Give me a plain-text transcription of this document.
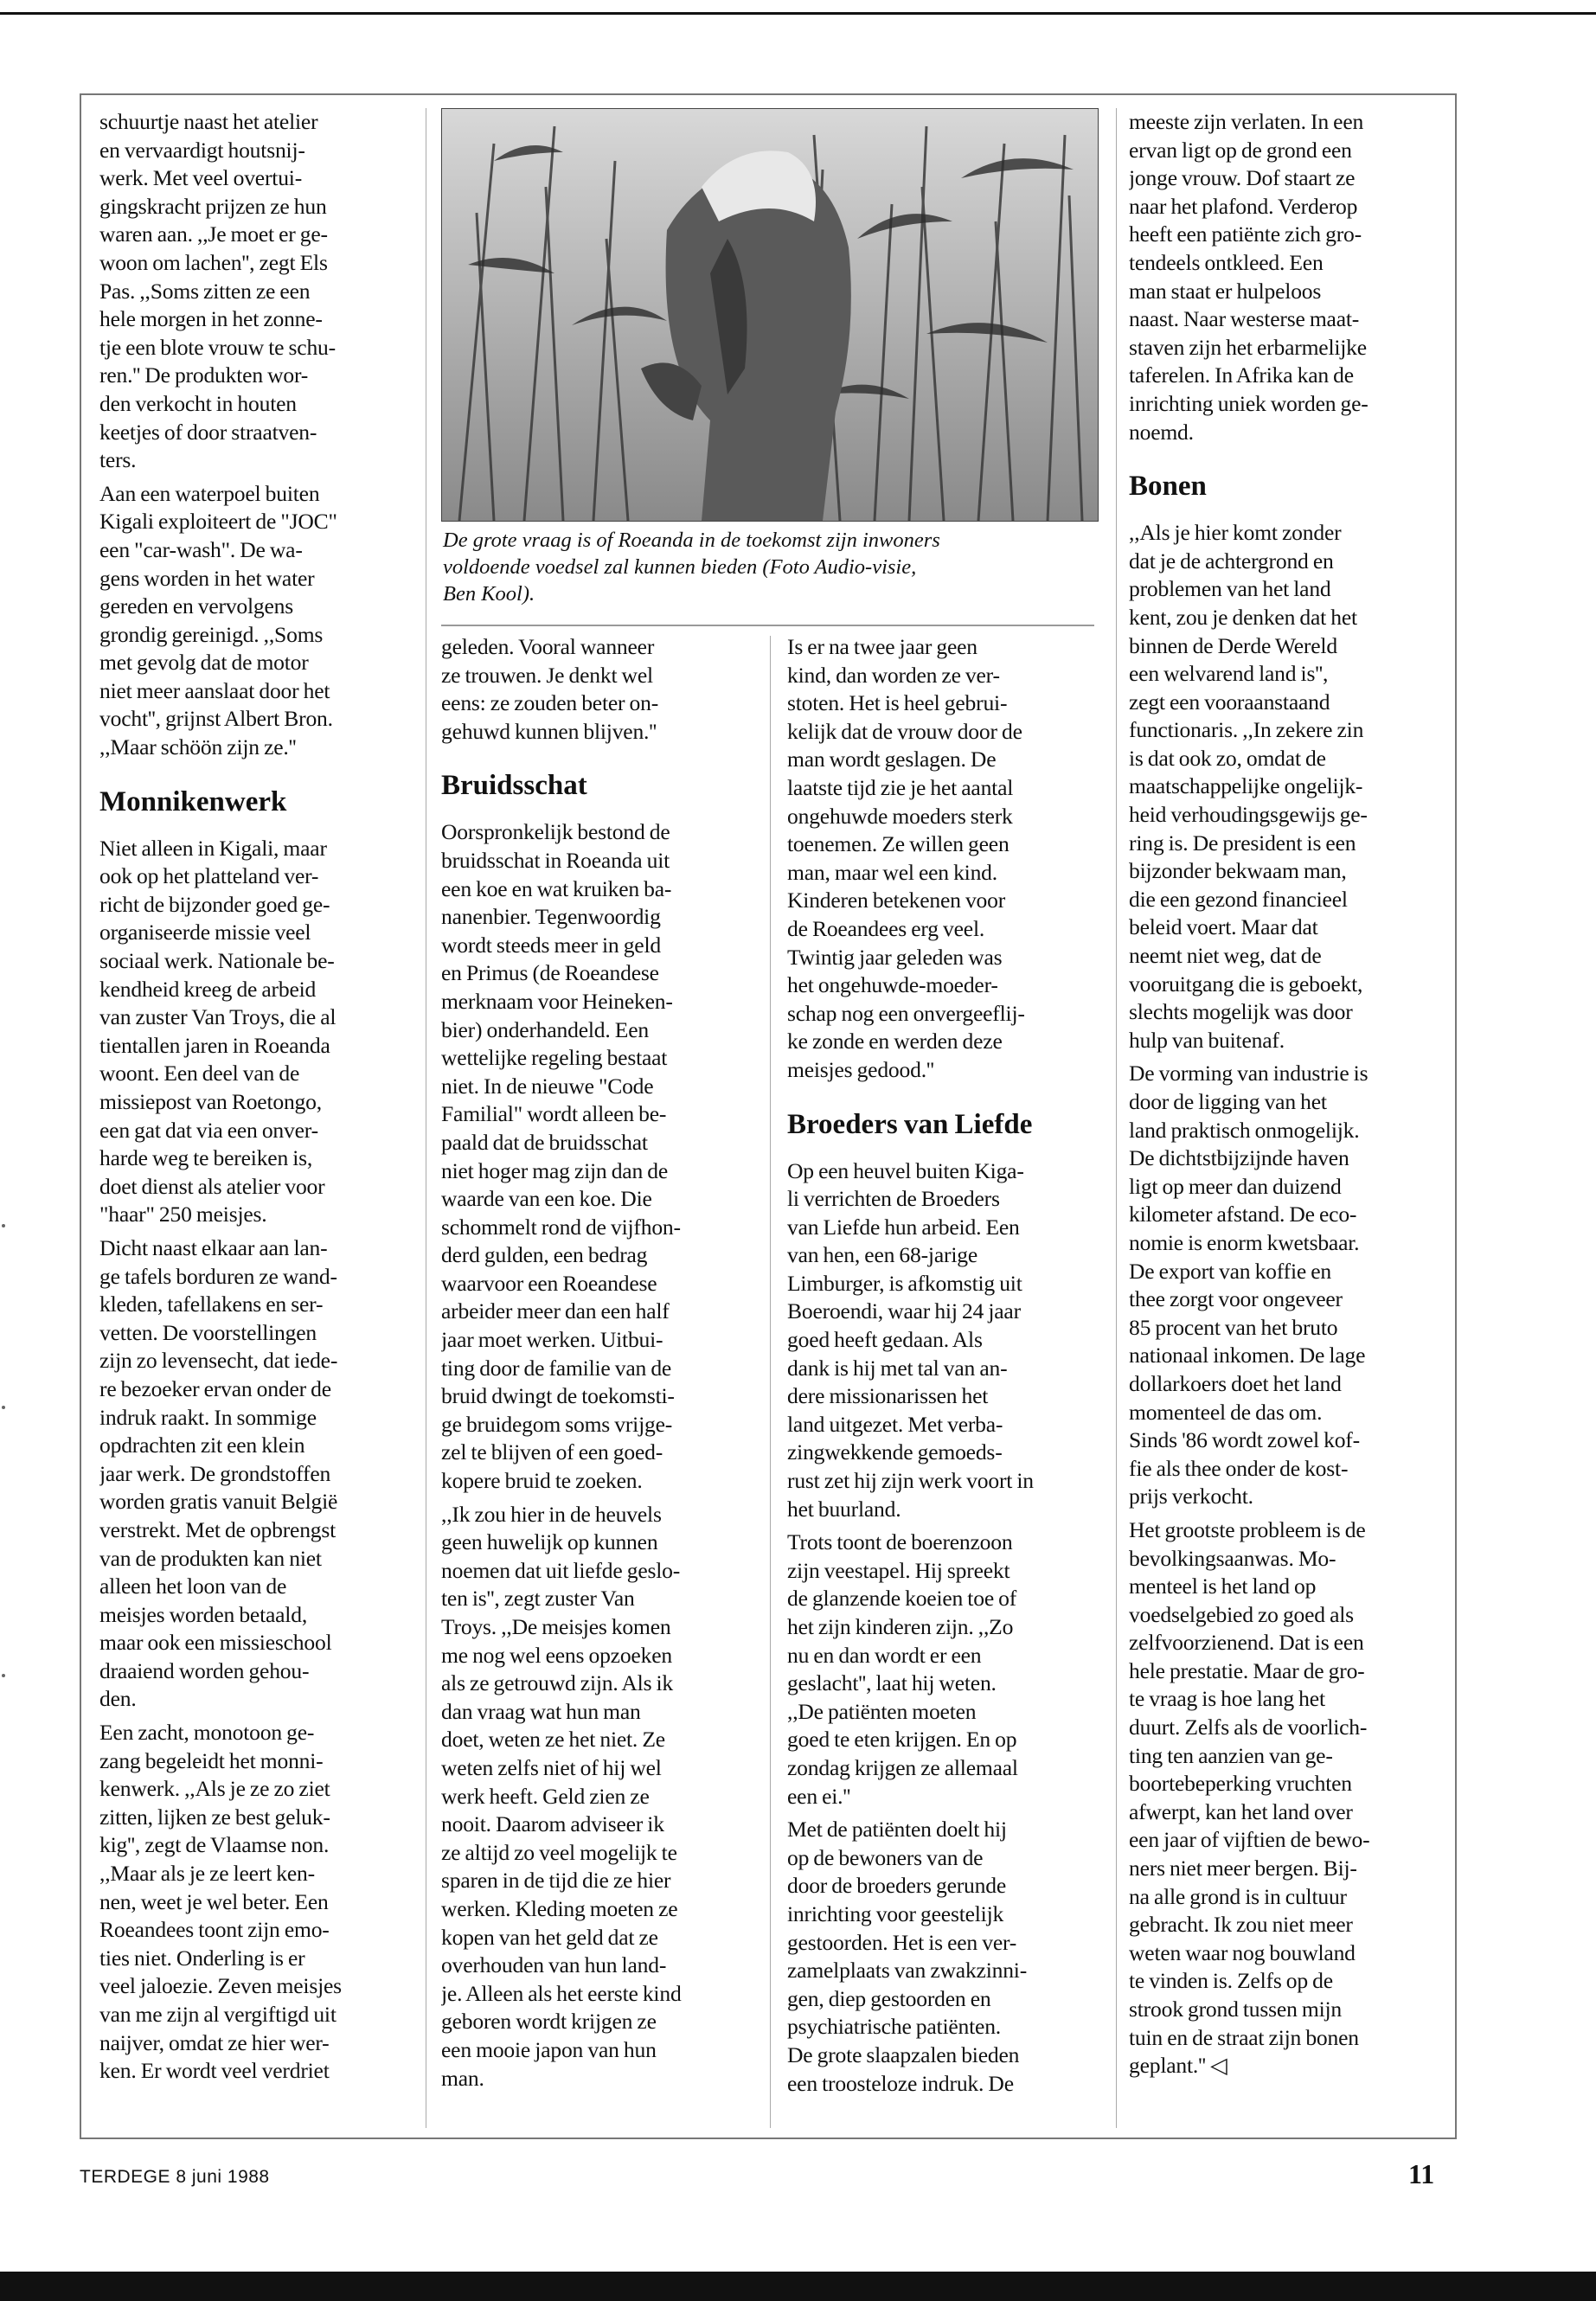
schuurtje naast het atelier
en vervaardigt houtsnij-
werk. Met veel overtui-
gingskracht prijzen ze hun
waren aan. ,,Je moet er ge-
woon om lachen'', zegt Els
Pas. ,,Soms zitten ze een
hele morgen in het zonne-
tje een blote vrouw te schu-
ren.'' De produkten wor-
den verkocht in houten
keetjes of door straatven-
ters.

Aan een waterpoel buiten
Kigali exploiteert de "JOC"
een "car-wash". De wa-
gens worden in het water
gereden en vervolgens
grondig gereinigd. ,,Soms
met gevolg dat de motor
niet meer aanslaat door het
vocht'', grijnst Albert Bron.
,,Maar schöön zijn ze.''

Monnikenwerk

Niet alleen in Kigali, maar
ook op het platteland ver-
richt de bijzonder goed ge-
organiseerde missie veel
sociaal werk. Nationale be-
kendheid kreeg de arbeid
van zuster Van Troys, die al
tientallen jaren in Roeanda
woont. Een deel van de
missiepost van Roetongo,
een gat dat via een onver-
harde weg te bereiken is,
doet dienst als atelier voor
"haar" 250 meisjes.

Dicht naast elkaar aan lan-
ge tafels borduren ze wand-
kleden, tafellakens en ser-
vetten. De voorstellingen
zijn zo levensecht, dat iede-
re bezoeker ervan onder de
indruk raakt. In sommige
opdrachten zit een klein
jaar werk. De grondstoffen
worden gratis vanuit België
verstrekt. Met de opbrengst
van de produkten kan niet
alleen het loon van de
meisjes worden betaald,
maar ook een missieschool
draaiend worden gehou-
den.

Een zacht, monotoon ge-
zang begeleidt het monni-
kenwerk. ,,Als je ze zo ziet
zitten, lijken ze best geluk-
kig'', zegt de Vlaamse non.
,,Maar als je ze leert ken-
nen, weet je wel beter. Een
Roeandees toont zijn emo-
ties niet. Onderling is er
veel jaloezie. Zeven meisjes
van me zijn al vergiftigd uit
naijver, omdat ze hier wer-
ken. Er wordt veel verdriet

De grote vraag is of Roeanda in de toekomst zijn inwoners
voldoende voedsel zal kunnen bieden (Foto Audio-visie,
Ben Kool).

geleden. Vooral wanneer
ze trouwen. Je denkt wel
eens: ze zouden beter on-
gehuwd kunnen blijven.''

Bruidsschat

Oorspronkelijk bestond de
bruidsschat in Roeanda uit
een koe en wat kruiken ba-
nanenbier. Tegenwoordig
wordt steeds meer in geld
en Primus (de Roeandese
merknaam voor Heineken-
bier) onderhandeld. Een
wettelijke regeling bestaat
niet. In de nieuwe "Code
Familial" wordt alleen be-
paald dat de bruidsschat
niet hoger mag zijn dan de
waarde van een koe. Die
schommelt rond de vijfhon-
derd gulden, een bedrag
waarvoor een Roeandese
arbeider meer dan een half
jaar moet werken. Uitbui-
ting door de familie van de
bruid dwingt de toekomsti-
ge bruidegom soms vrijge-
zel te blijven of een goed-
kopere bruid te zoeken.

,,Ik zou hier in de heuvels
geen huwelijk op kunnen
noemen dat uit liefde geslo-
ten is'', zegt zuster Van
Troys. ,,De meisjes komen
me nog wel eens opzoeken
als ze getrouwd zijn. Als ik
dan vraag wat hun man
doet, weten ze het niet. Ze
weten zelfs niet of hij wel
werk heeft. Geld zien ze
nooit. Daarom adviseer ik
ze altijd zo veel mogelijk te
sparen in de tijd die ze hier
werken. Kleding moeten ze
kopen van het geld dat ze
overhouden van hun land-
je. Alleen als het eerste kind
geboren wordt krijgen ze
een mooie japon van hun
man.

Is er na twee jaar geen
kind, dan worden ze ver-
stoten. Het is heel gebrui-
kelijk dat de vrouw door de
man wordt geslagen. De
laatste tijd zie je het aantal
ongehuwde moeders sterk
toenemen. Ze willen geen
man, maar wel een kind.
Kinderen betekenen voor
de Roeandees erg veel.
Twintig jaar geleden was
het ongehuwde-moeder-
schap nog een onvergeeflij-
ke zonde en werden deze
meisjes gedood.''

Broeders van Liefde

Op een heuvel buiten Kiga-
li verrichten de Broeders
van Liefde hun arbeid. Een
van hen, een 68-jarige
Limburger, is afkomstig uit
Boeroendi, waar hij 24 jaar
goed heeft gedaan. Als
dank is hij met tal van an-
dere missionarissen het
land uitgezet. Met verba-
zingwekkende gemoeds-
rust zet hij zijn werk voort in
het buurland.

Trots toont de boerenzoon
zijn veestapel. Hij spreekt
de glanzende koeien toe of
het zijn kinderen zijn. ,,Zo
nu en dan wordt er een
geslacht'', laat hij weten.
,,De patiënten moeten
goed te eten krijgen. En op
zondag krijgen ze allemaal
een ei.''

Met de patiënten doelt hij
op de bewoners van de
door de broeders gerunde
inrichting voor geestelijk
gestoorden. Het is een ver-
zamelplaats van zwakzinni-
gen, diep gestoorden en
psychiatrische patiënten.
De grote slaapzalen bieden
een troosteloze indruk. De

meeste zijn verlaten. In een
ervan ligt op de grond een
jonge vrouw. Dof staart ze
naar het plafond. Verderop
heeft een patiënte zich gro-
tendeels ontkleed. Een
man staat er hulpeloos
naast. Naar westerse maat-
staven zijn het erbarmelijke
taferelen. In Afrika kan de
inrichting uniek worden ge-
noemd.

Bonen

,,Als je hier komt zonder
dat je de achtergrond en
problemen van het land
kent, zou je denken dat het
binnen de Derde Wereld
een welvarend land is'',
zegt een vooraanstaand
functionaris. ,,In zekere zin
is dat ook zo, omdat de
maatschappelijke ongelijk-
heid verhoudingsgewijs ge-
ring is. De president is een
bijzonder bekwaam man,
die een gezond financieel
beleid voert. Maar dat
neemt niet weg, dat de
vooruitgang die is geboekt,
slechts mogelijk was door
hulp van buitenaf.

De vorming van industrie is
door de ligging van het
land praktisch onmogelijk.
De dichtstbijzijnde haven
ligt op meer dan duizend
kilometer afstand. De eco-
nomie is enorm kwetsbaar.
De export van koffie en
thee zorgt voor ongeveer
85 procent van het bruto
nationaal inkomen. De lage
dollarkoers doet het land
momenteel de das om.
Sinds '86 wordt zowel kof-
fie als thee onder de kost-
prijs verkocht.

Het grootste probleem is de
bevolkingsaanwas. Mo-
menteel is het land op
voedselgebied zo goed als
zelfvoorzienend. Dat is een
hele prestatie. Maar de gro-
te vraag is hoe lang het
duurt. Zelfs als de voorlich-
ting ten aanzien van ge-
boortebeperking vruchten
afwerpt, kan het land over
een jaar of vijftien de bewo-
ners niet meer bergen. Bij-
na alle grond is in cultuur
gebracht. Ik zou niet meer
weten waar nog bouwland
te vinden is. Zelfs op de
strook grond tussen mijn
tuin en de straat zijn bonen
geplant.'' ◁

TERDEGE 8 juni 1988	11
